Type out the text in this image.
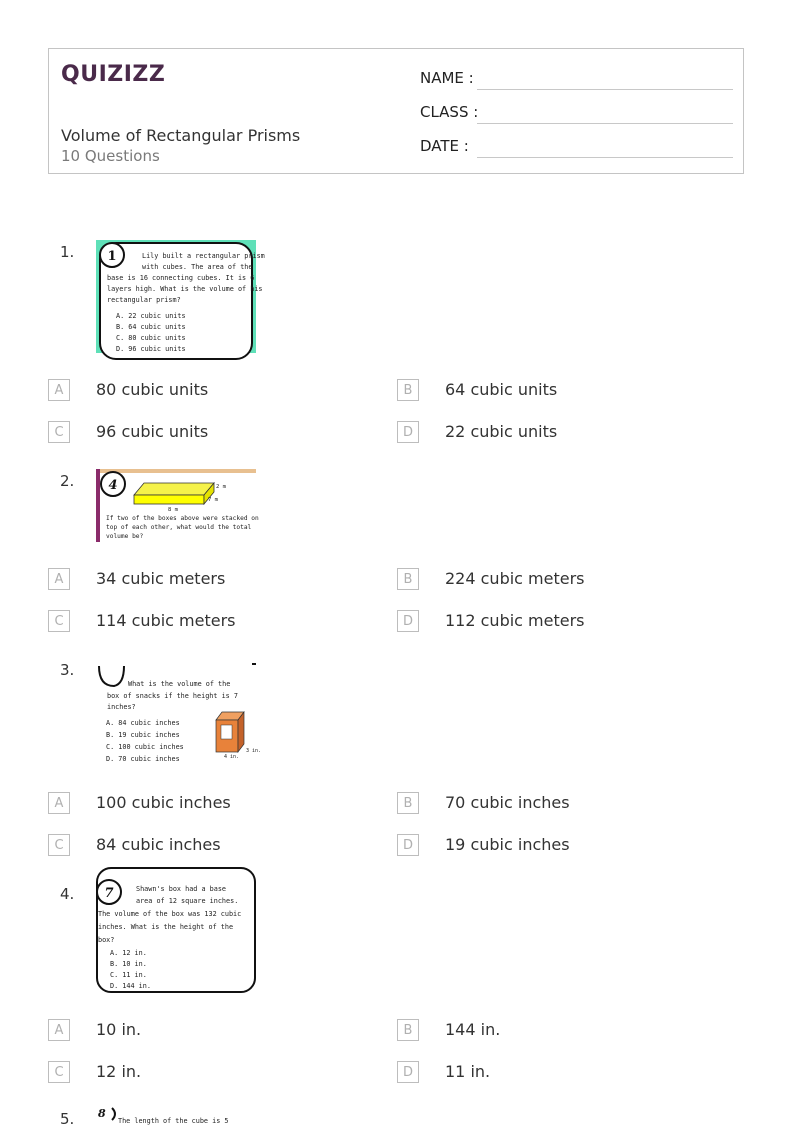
QUIZIZZ
Volume of Rectangular Prisms
10 Questions
NAME :
CLASS :
DATE :
1.	1	Lily built a rectangular prism
with cubes. The area of the
base is 16 connecting cubes. It is 6
layers high. What is the volume of his
rectangular prism?
A. 22 cubic units
B. 64 cubic units
C. 80 cubic units
D. 96 cubic units
A	80 cubic units	B	64 cubic units
C	96 cubic units	D	22 cubic units
2.	4	2 m
7 m
8 m
If two of the boxes above were stacked on
top of each other, what would the total
volume be?
A	34 cubic meters	B	224 cubic meters
C	114 cubic meters	D	112 cubic meters
3.
What is the volume of the
box of snacks if the height is 7
inches?
A. 84 cubic inches
B. 19 cubic inches
C. 100 cubic inches
D. 70 cubic inches
3 in.
4 in.
A	100 cubic inches	B	70 cubic inches
C	84 cubic inches	D	19 cubic inches
4. 7	Shawn's box had a base
area of 12 square inches.
The volume of the box was 132 cubic
inches. What is the height of the
box?
A. 12 in.
B. 10 in.
C. 11 in.
D. 144 in.
A	10 in.	B	144 in.
C	12 in.	D	11 in.
5. 8
The length of the cube is 5
